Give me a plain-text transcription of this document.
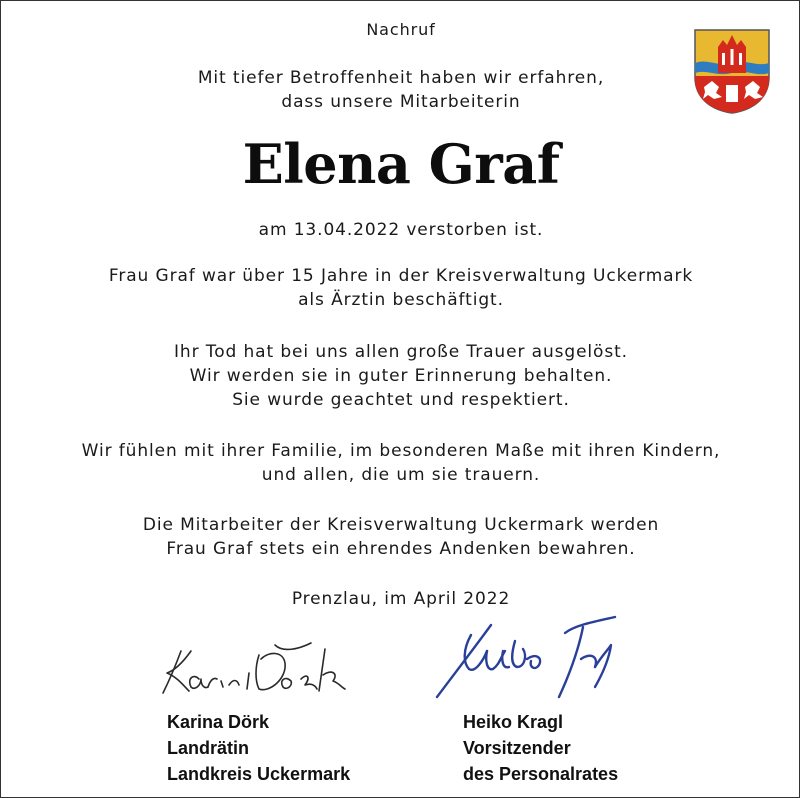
Nachruf
Mit tiefer Betroffenheit haben wir erfahren,
dass unsere Mitarbeiterin
Elena Graf
am 13.04.2022 verstorben ist.
Frau Graf war über 15 Jahre in der Kreisverwaltung Uckermark
als Ärztin beschäftigt.
Ihr Tod hat bei uns allen große Trauer ausgelöst.
Wir werden sie in guter Erinnerung behalten.
Sie wurde geachtet und respektiert.
Wir fühlen mit ihrer Familie, im besonderen Maße mit ihren Kindern,
und allen, die um sie trauern.
Die Mitarbeiter der Kreisverwaltung Uckermark werden
Frau Graf stets ein ehrendes Andenken bewahren.
Prenzlau, im April 2022
Karina Dörk
Landrätin
Landkreis Uckermark
Heiko Kragl
Vorsitzender
des Personalrates
